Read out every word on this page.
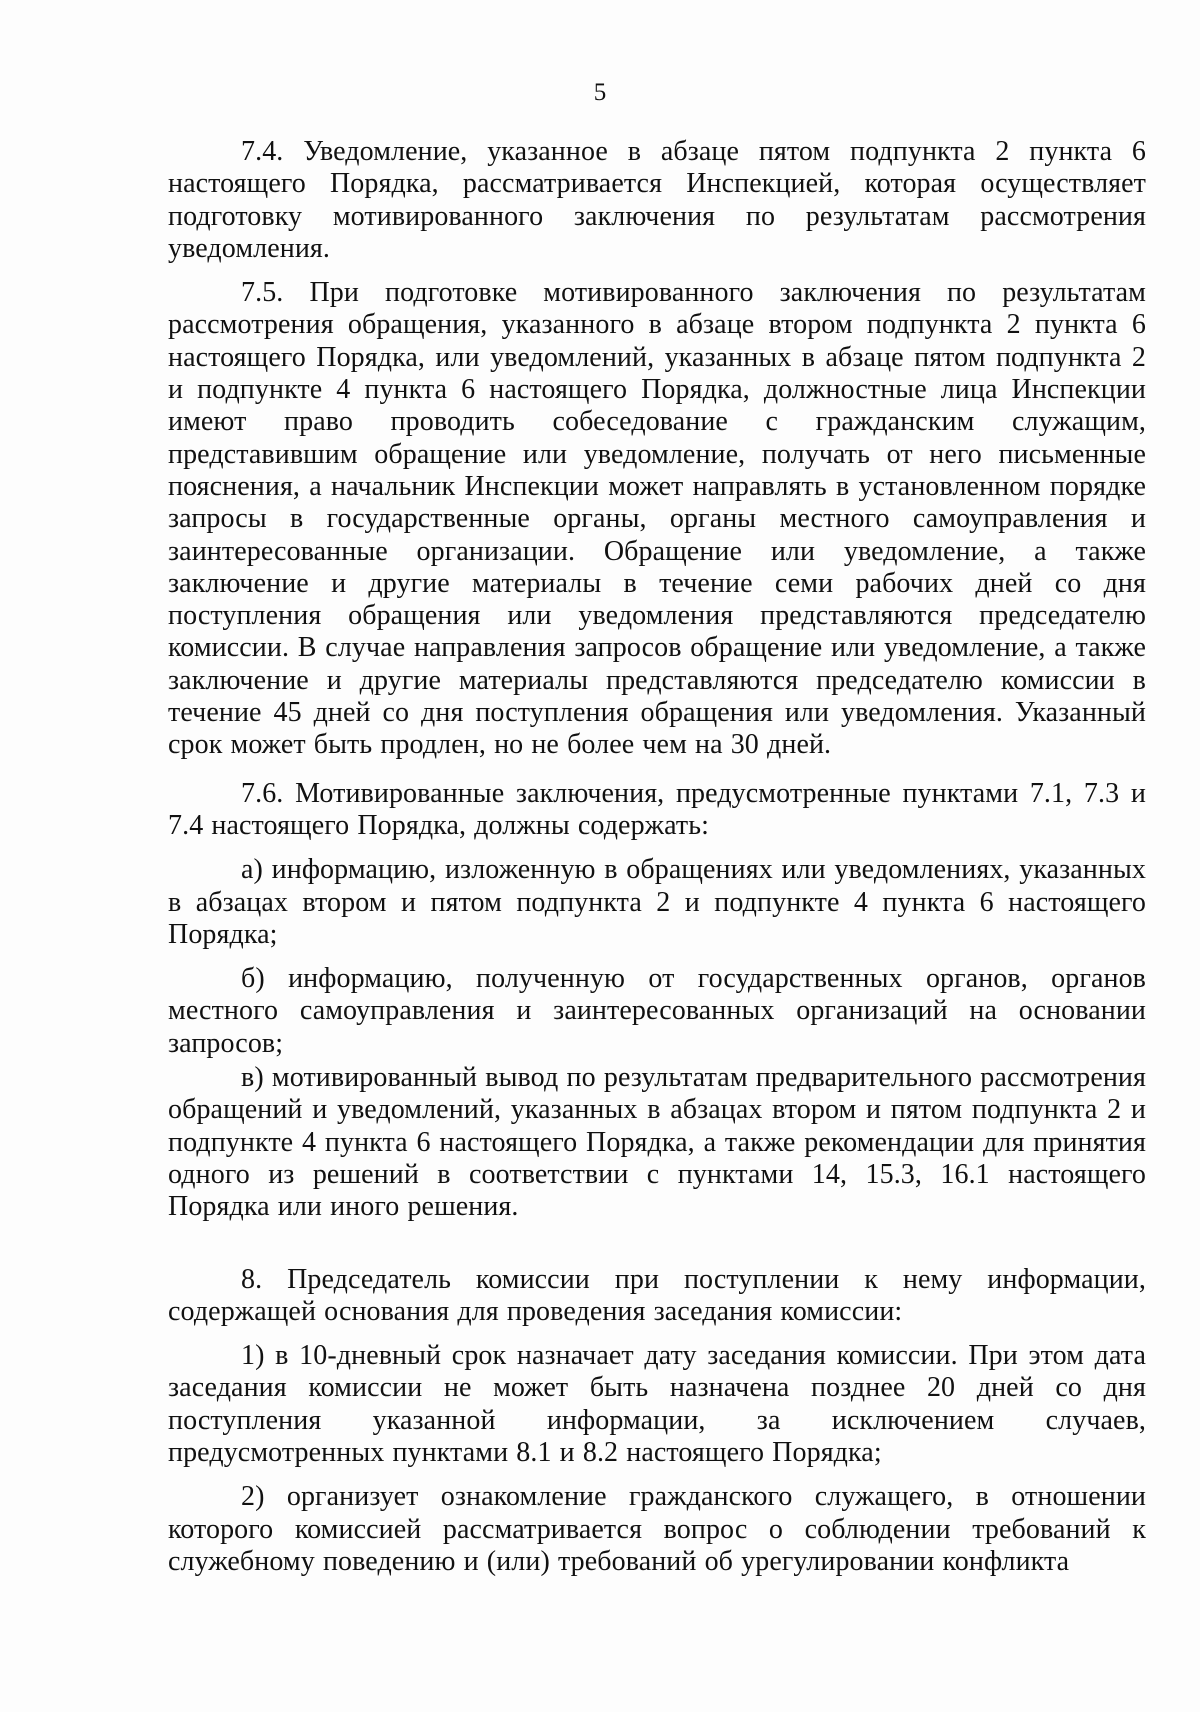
5

7.4. Уведомление, указанное в абзаце пятом подпункта 2 пункта 6 настоящего Порядка, рассматривается Инспекцией, которая осуществляет подготовку мотивированного заключения по результатам рассмотрения уведомления.

7.5. При подготовке мотивированного заключения по результатам рассмотрения обращения, указанного в абзаце втором подпункта 2 пункта 6 настоящего Порядка, или уведомлений, указанных в абзаце пятом подпункта 2 и подпункте 4 пункта 6 настоящего Порядка, должностные лица Инспекции имеют право проводить собеседование с гражданским служащим, представившим обращение или уведомление, получать от него письменные пояснения, а начальник Инспекции может направлять в установленном порядке запросы в государственные органы, органы местного самоуправления и заинтересованные организации. Обращение или уведомление, а также заключение и другие материалы в течение семи рабочих дней со дня поступления обращения или уведомления представляются председателю комиссии. В случае направления запросов обращение или уведомление, а также заключение и другие материалы представляются председателю комиссии в течение 45 дней со дня поступления обращения или уведомления. Указанный срок может быть продлен, но не более чем на 30 дней.

7.6. Мотивированные заключения, предусмотренные пунктами 7.1, 7.3 и 7.4 настоящего Порядка, должны содержать:

а) информацию, изложенную в обращениях или уведомлениях, указанных в абзацах втором и пятом подпункта 2 и подпункте 4 пункта 6 настоящего Порядка;

б) информацию, полученную от государственных органов, органов местного самоуправления и заинтересованных организаций на основании запросов;

в) мотивированный вывод по результатам предварительного рассмотрения обращений и уведомлений, указанных в абзацах втором и пятом подпункта 2 и подпункте 4 пункта 6 настоящего Порядка, а также рекомендации для принятия одного из решений в соответствии с пунктами 14, 15.3, 16.1 настоящего Порядка или иного решения.

8. Председатель комиссии при поступлении к нему информации, содержащей основания для проведения заседания комиссии:

1) в 10-дневный срок назначает дату заседания комиссии. При этом дата заседания комиссии не может быть назначена позднее 20 дней со дня поступления указанной информации, за исключением случаев, предусмотренных пунктами 8.1 и 8.2 настоящего Порядка;

2) организует ознакомление гражданского служащего, в отношении которого комиссией рассматривается вопрос о соблюдении требований к служебному поведению и (или) требований об урегулировании конфликта
